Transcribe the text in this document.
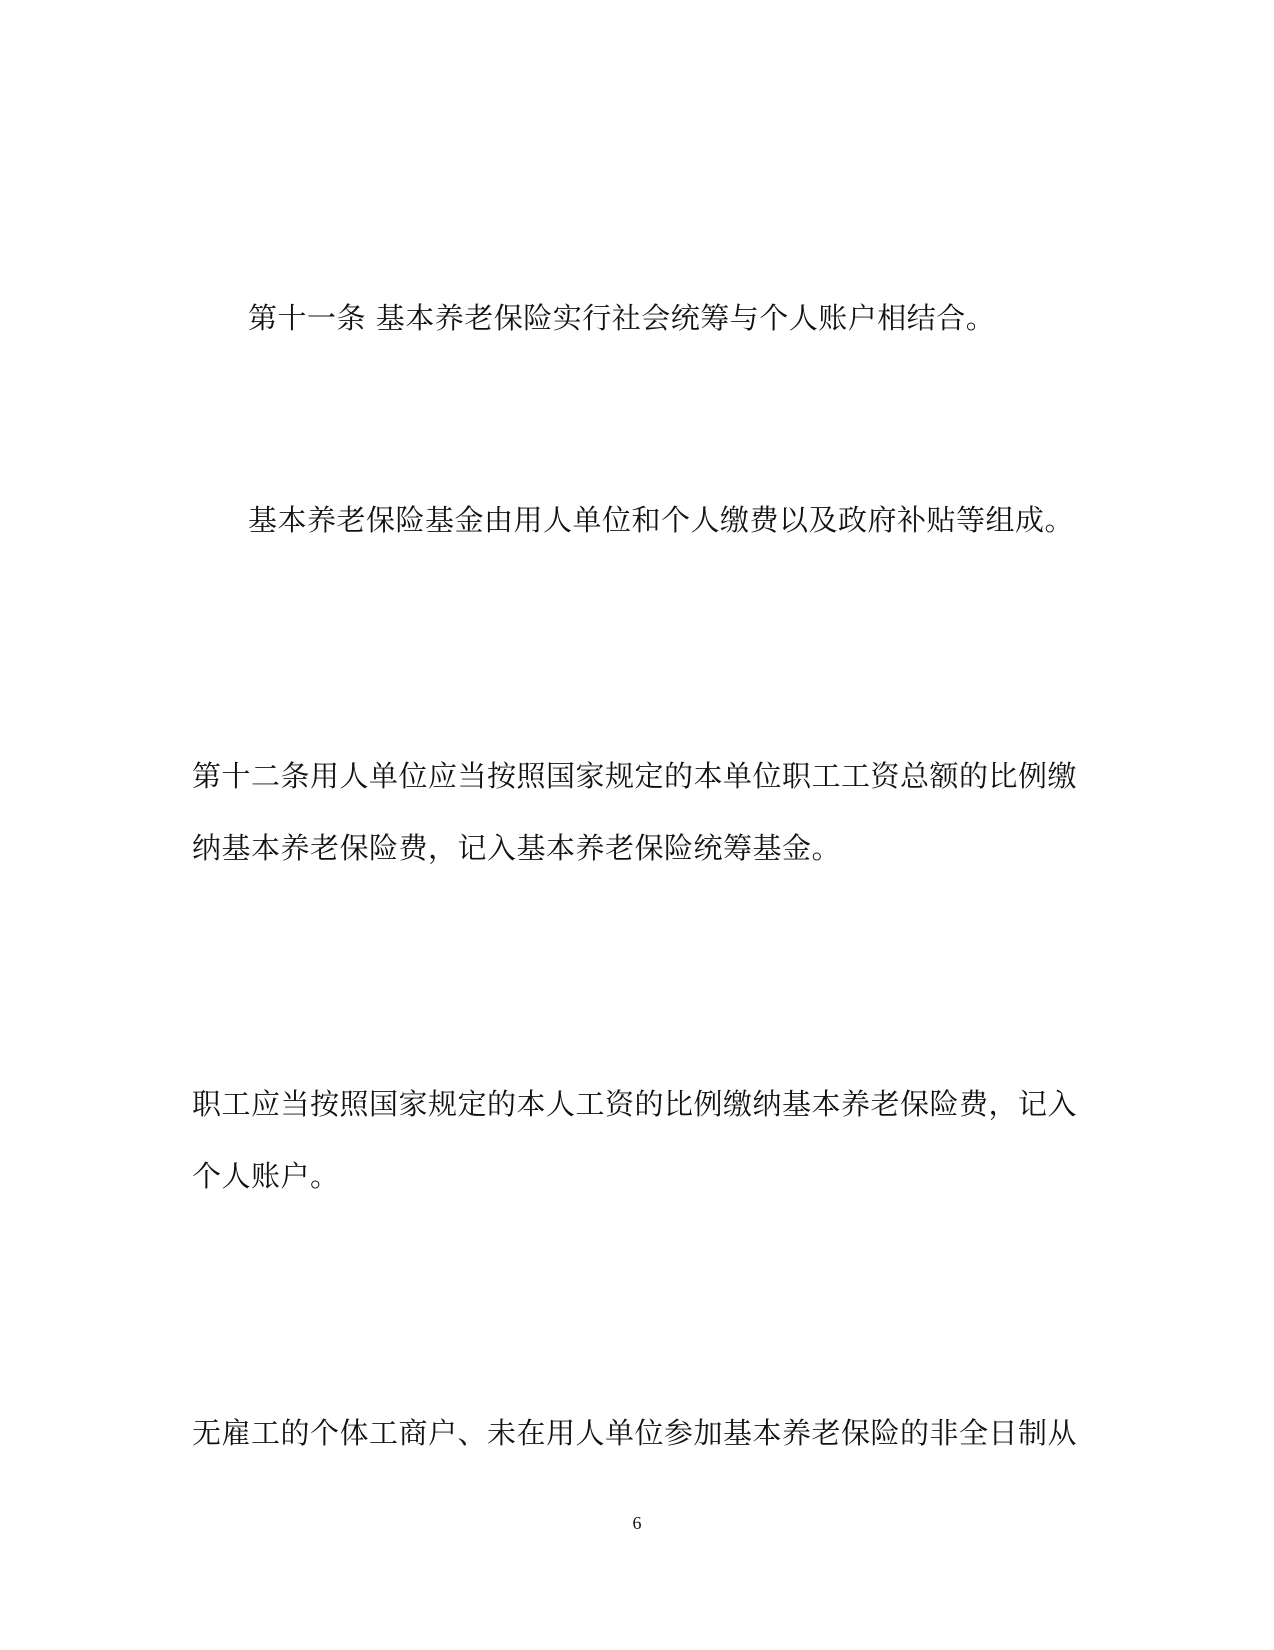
第十一条 基本养老保险实行社会统筹与个人账户相结合。
基本养老保险基金由用人单位和个人缴费以及政府补贴等组成。
第十二条用人单位应当按照国家规定的本单位职工工资总额的比例缴
纳基本养老保险费，记入基本养老保险统筹基金。
职工应当按照国家规定的本人工资的比例缴纳基本养老保险费，记入
个人账户。
无雇工的个体工商户、未在用人单位参加基本养老保险的非全日制从
6
